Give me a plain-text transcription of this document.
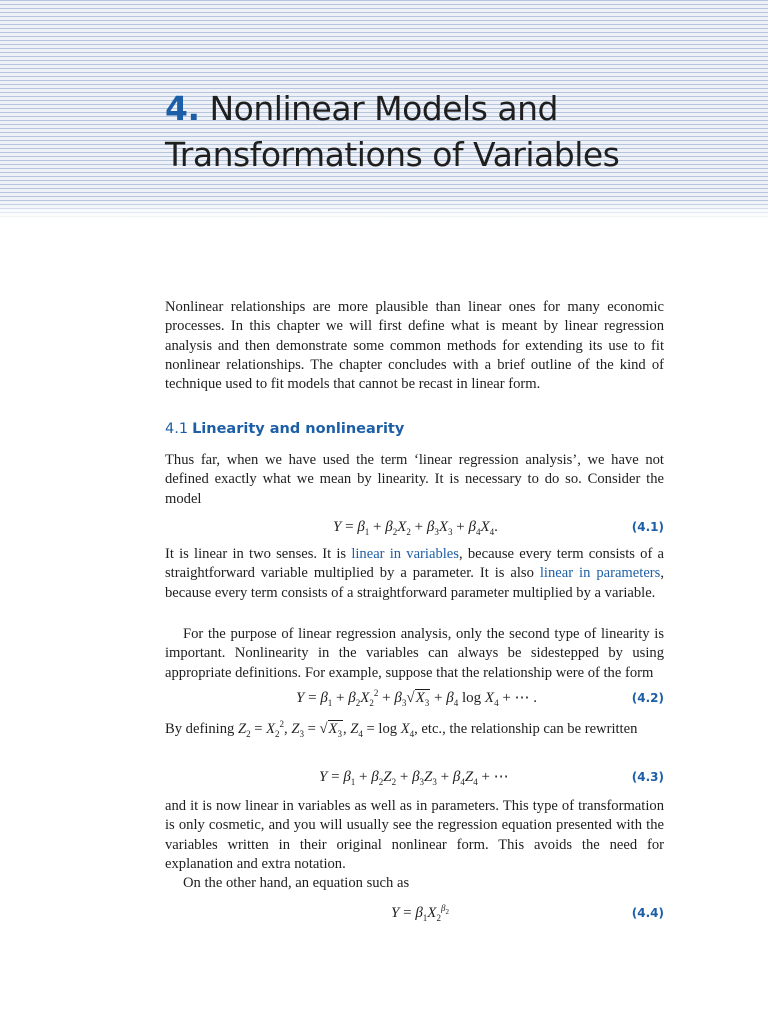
4. Nonlinear Models and
Transformations of Variables

Nonlinear relationships are more plausible than linear ones for many economic processes. In this chapter we will first define what is meant by linear regression analysis and then demonstrate some common methods for extending its use to fit nonlinear relationships. The chapter concludes with a brief outline of the kind of technique used to fit models that cannot be recast in linear form.

4.1 Linearity and nonlinearity

Thus far, when we have used the term ‘linear regression analysis’, we have not defined exactly what we mean by linearity. It is necessary to do so. Consider the model

$Y = \beta_1 + \beta_2X_2 + \beta_3X_3 + \beta_4X_4$.	(4.1)

It is linear in two senses. It is linear in variables, because every term consists of a straightforward variable multiplied by a parameter. It is also linear in parameters, because every term consists of a straightforward parameter multiplied by a variable.

For the purpose of linear regression analysis, only the second type of linearity is important. Nonlinearity in the variables can always be sidestepped by using appropriate definitions. For example, suppose that the relationship were of the form

$Y = \beta_1 + \beta_2X_2^2 + \beta_3√X_3 + \beta_4$ $\log X_4$ + ⋯ .	(4.2)

By defining $Z_2 = X_2^2$, $Z_3 = √X_3$, $Z_4 = \log X_4$, etc., the relationship can be rewritten

$Y = \beta_1 + \beta_2Z_2 + \beta_3Z_3 + \beta_4Z_4$ + ⋯	(4.3)

and it is now linear in variables as well as in parameters. This type of transformation is only cosmetic, and you will usually see the regression equation presented with the variables written in their original nonlinear form. This avoids the need for explanation and extra notation.

On the other hand, an equation such as

$Y = \beta_1X_2^{\beta_2}$	(4.4)
